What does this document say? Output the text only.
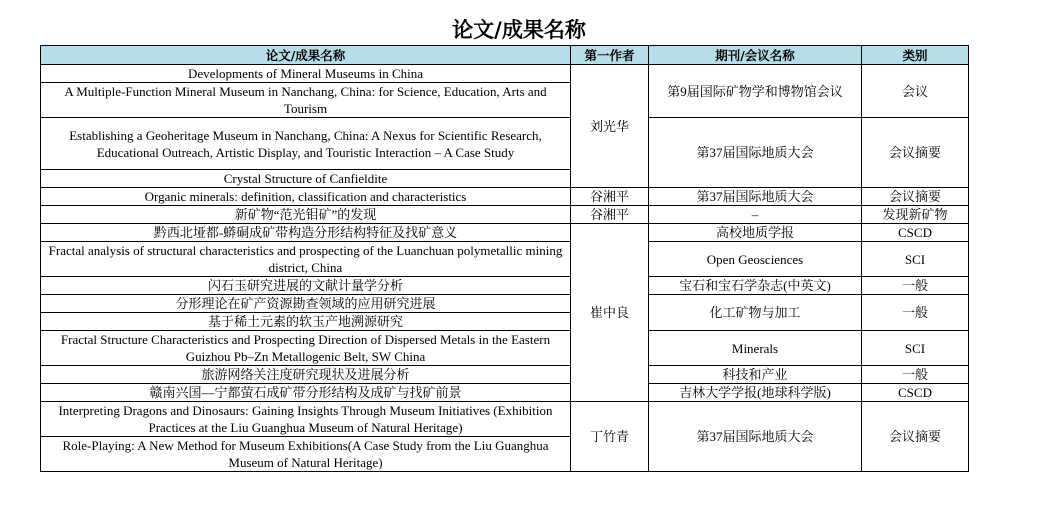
论文/成果名称
论文/成果名称	第一作者	期刊/会议名称	类别
Developments of Mineral Museums in China	刘光华	第9届国际矿物学和博物馆会议	会议
A Multiple-Function Mineral Museum in Nanchang, China: for Science, Education, Arts and Tourism			
Establishing a Geoheritage Museum in Nanchang, China: A Nexus for Scientific Research, Educational Outreach, Artistic Display, and Touristic Interaction – A Case Study		第37届国际地质大会	会议摘要
Crystal Structure of Canfieldite			
Organic minerals: definition, classification and characteristics	谷湘平	第37届国际地质大会	会议摘要
新矿物“范光钼矿”的发现	谷湘平	–	发现新矿物
黔西北垭都-蟒硐成矿带构造分形结构特征及找矿意义	崔中良	高校地质学报	CSCD
Fractal analysis of structural characteristics and prospecting of the Luanchuan polymetallic mining district, China		Open Geosciences	SCI
闪石玉研究进展的文献计量学分析		宝石和宝石学杂志(中英文)	一般
分形理论在矿产资源勘查领域的应用研究进展		化工矿物与加工	一般
基于稀土元素的软玉产地溯源研究			
Fractal Structure Characteristics and Prospecting Direction of Dispersed Metals in the Eastern Guizhou Pb–Zn Metallogenic Belt, SW China		Minerals	SCI
旅游网络关注度研究现状及进展分析		科技和产业	一般
赣南兴国—宁都萤石成矿带分形结构及成矿与找矿前景		吉林大学学报(地球科学版)	CSCD
Interpreting Dragons and Dinosaurs: Gaining Insights Through Museum Initiatives (Exhibition Practices at the Liu Guanghua Museum of Natural Heritage)	丁竹青	第37届国际地质大会	会议摘要
Role-Playing: A New Method for Museum Exhibitions(A Case Study from the Liu Guanghua Museum of Natural Heritage)			
